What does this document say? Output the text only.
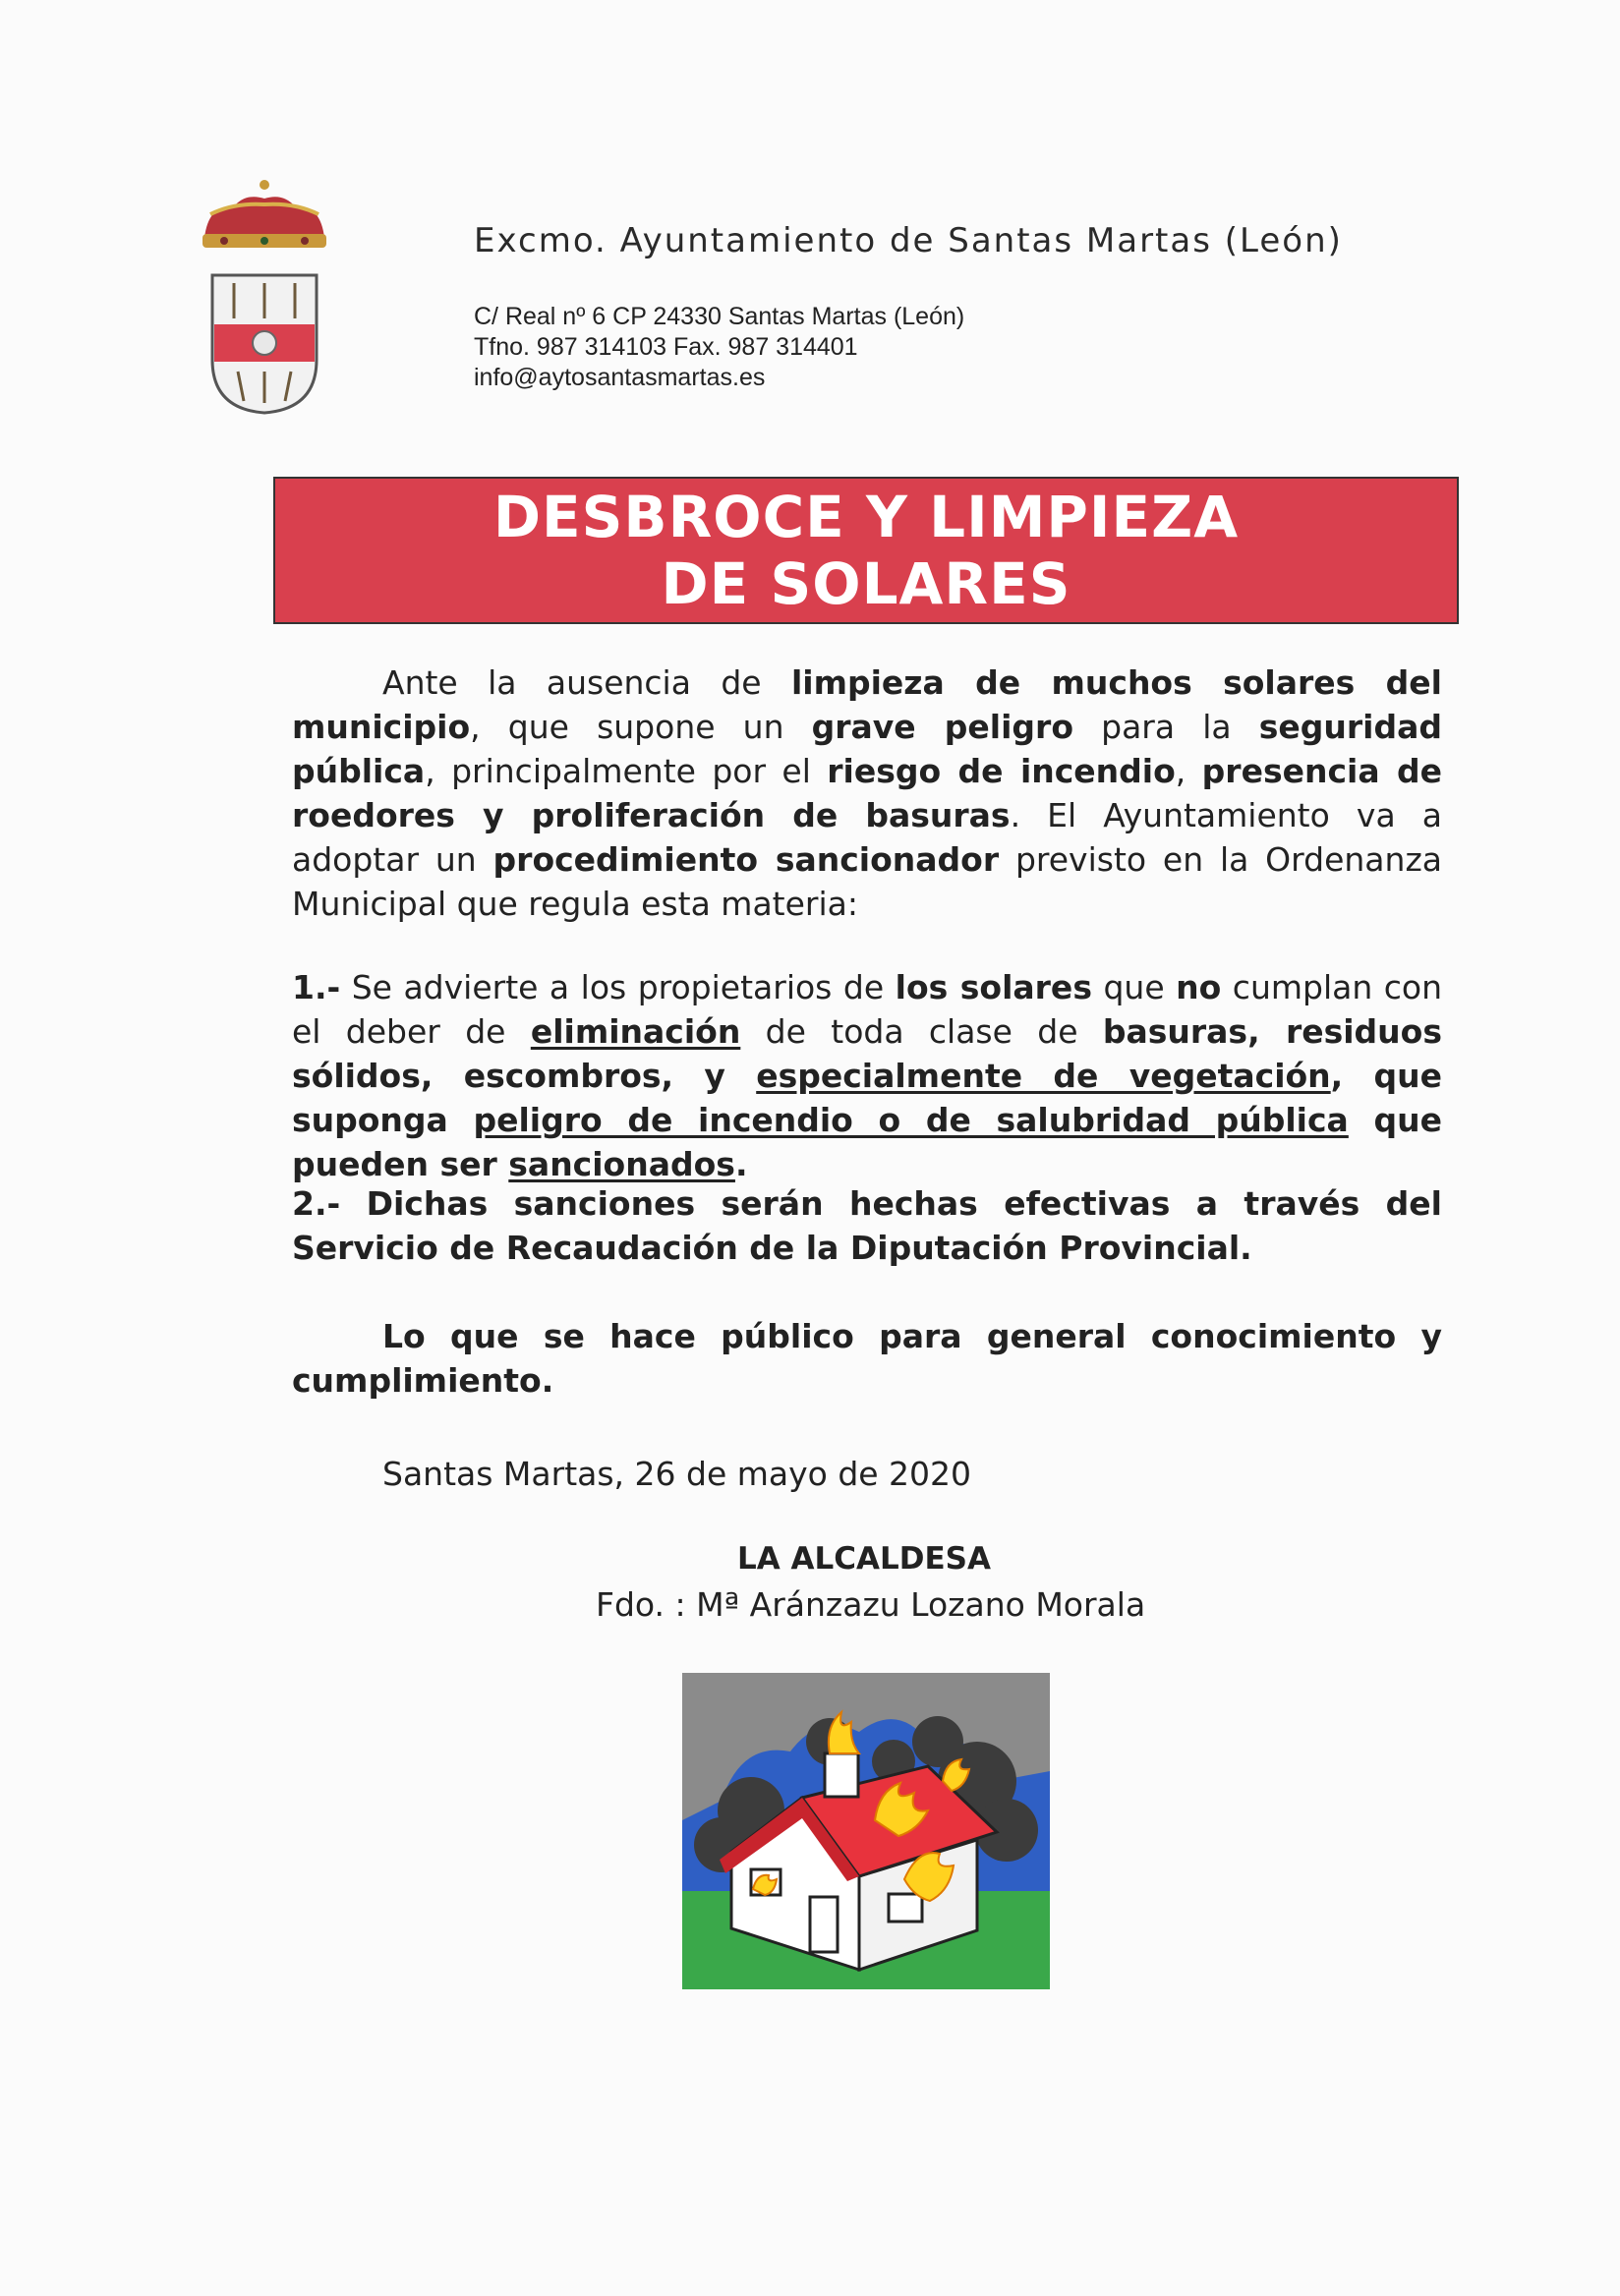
Excmo. Ayuntamiento de Santas Martas (León)
C/ Real nº 6 CP 24330 Santas Martas (León)
Tfno. 987 314103 Fax. 987 314401
info@aytosantasmartas.es
DESBROCE Y LIMPIEZA DE SOLARES
Ante la ausencia de limpieza de muchos solares del municipio, que supone un grave peligro para la seguridad pública, principalmente por el riesgo de incendio, presencia de roedores y proliferación de basuras. El Ayuntamiento va a adoptar un procedimiento sancionador previsto en la Ordenanza Municipal que regula esta materia:
1.- Se advierte a los propietarios de los solares que no cumplan con el deber de eliminación de toda clase de basuras, residuos sólidos, escombros, y especialmente de vegetación, que suponga peligro de incendio o de salubridad pública que pueden ser sancionados.
2.- Dichas sanciones serán hechas efectivas a través del Servicio de Recaudación de la Diputación Provincial.
Lo que se hace público para general conocimiento y cumplimiento.
Santas Martas, 26 de mayo de 2020
LA ALCALDESA
Fdo. : Mª Aránzazu Lozano Morala
